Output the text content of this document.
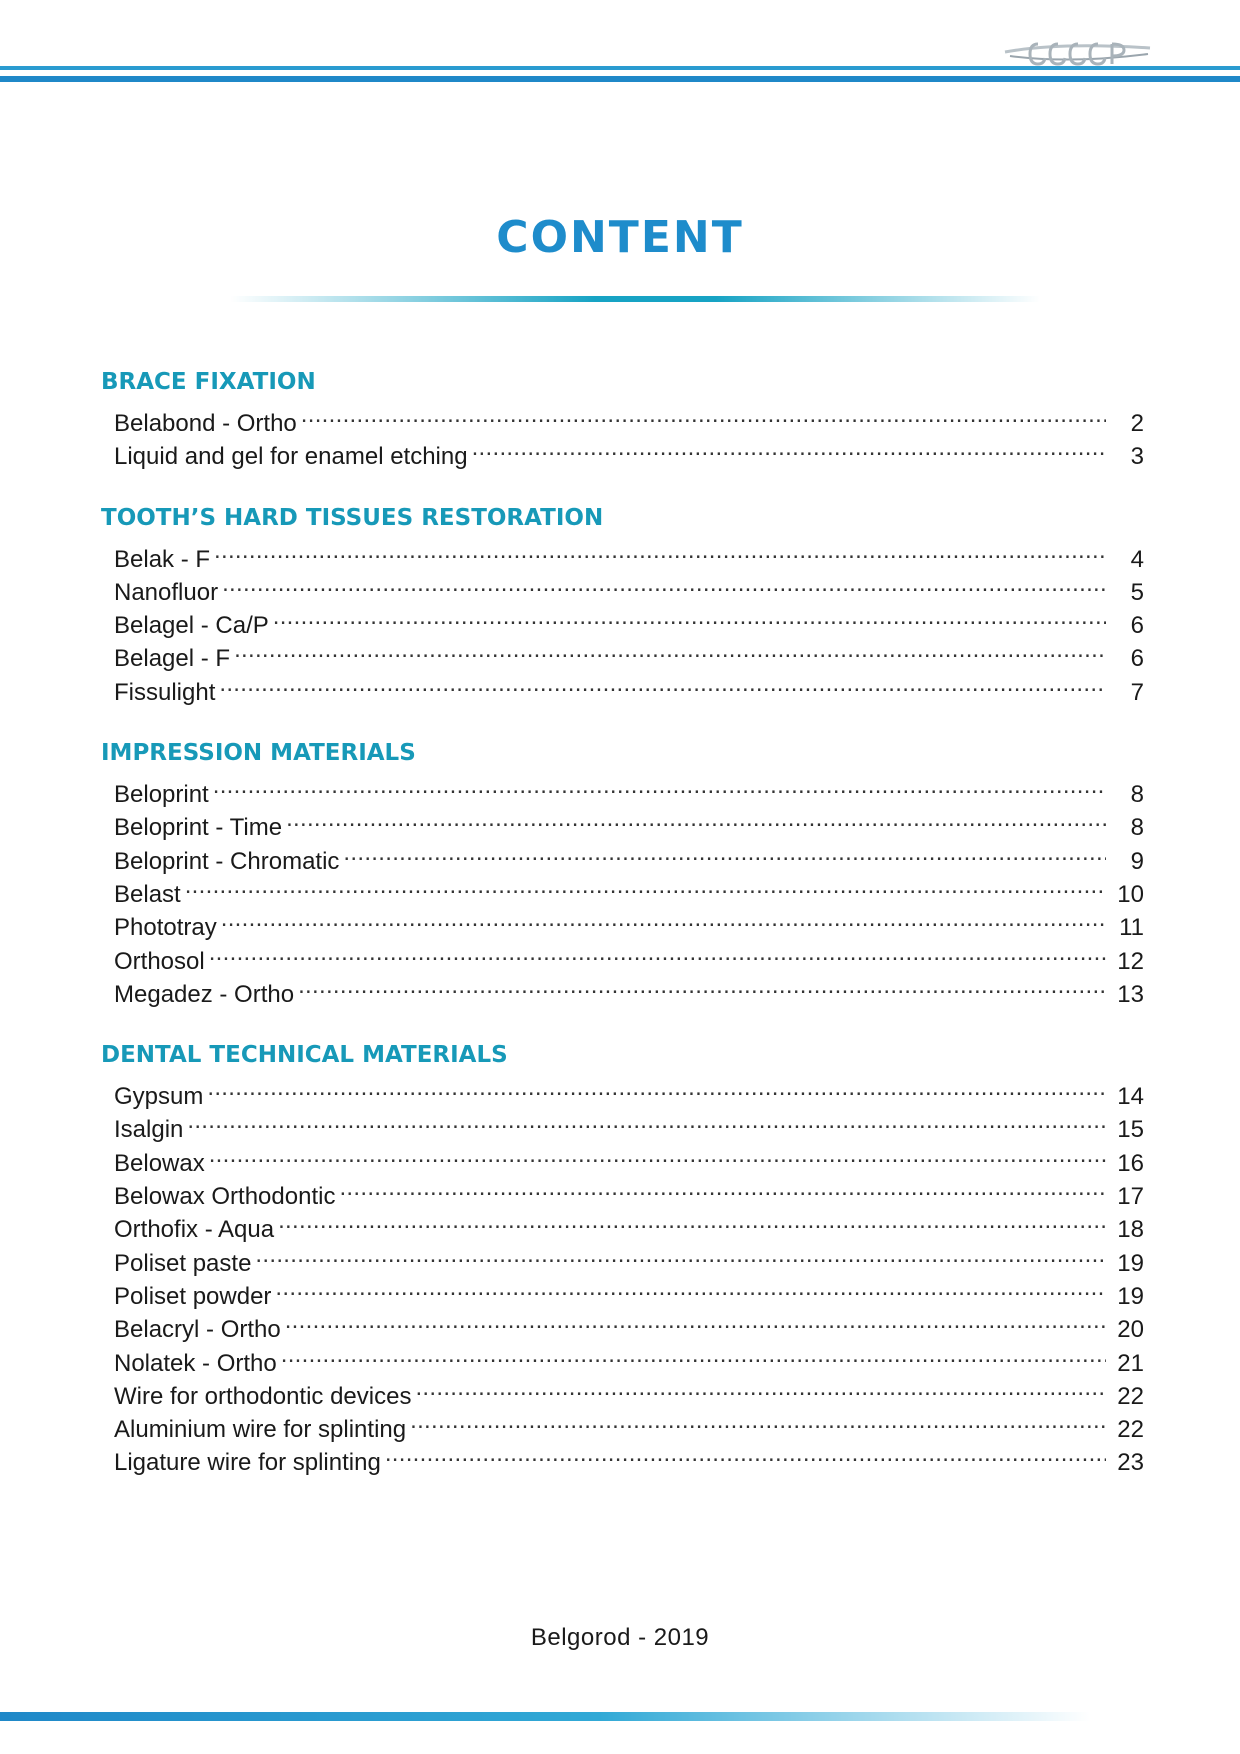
CONTENT
BRACE FIXATION
Belabond - Ortho .....	2
Liquid and gel for enamel etching .....	3
TOOTH’S HARD TISSUES RESTORATION
Belak - F .....	4
Nanofluor .....	5
Belagel - Ca/P .....	6
Belagel - F .....	6
Fissulight .....	7
IMPRESSION MATERIALS
Beloprint .....	8
Beloprint - Time .....	8
Beloprint - Chromatic .....	9
Belast .....	10
Phototray .....	11
Orthosol .....	12
Megadez - Ortho .....	13
DENTAL TECHNICAL MATERIALS
Gypsum .....	14
Isalgin .....	15
Belowax .....	16
Belowax Orthodontic .....	17
Orthofix - Aqua .....	18
Poliset paste .....	19
Poliset powder .....	19
Belacryl - Ortho .....	20
Nolatek - Ortho .....	21
Wire for orthodontic devices .....	22
Aluminium wire for splinting .....	22
Ligature wire for splinting .....	23
Belgorod - 2019
